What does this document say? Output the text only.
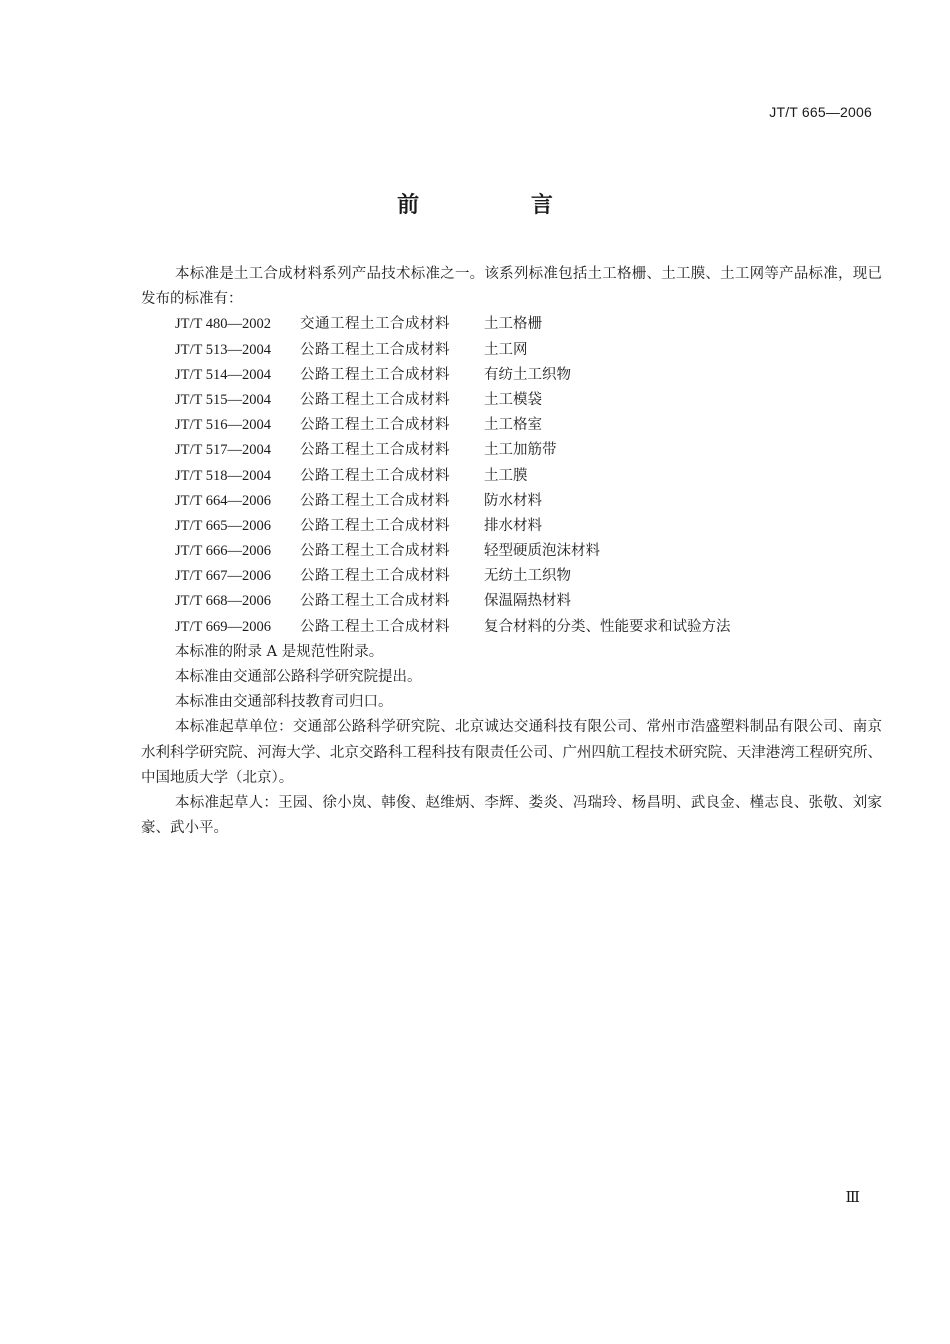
JT/T 665—2006
前 言

本标准是土工合成材料系列产品技术标准之一。该系列标准包括土工格栅、土工膜、土工网等产品标准，现已发布的标准有：

JT/T 480—2002	交通工程土工合成材料	土工格栅
JT/T 513—2004	公路工程土工合成材料	土工网
JT/T 514—2004	公路工程土工合成材料	有纺土工织物
JT/T 515—2004	公路工程土工合成材料	土工模袋
JT/T 516—2004	公路工程土工合成材料	土工格室
JT/T 517—2004	公路工程土工合成材料	土工加筋带
JT/T 518—2004	公路工程土工合成材料	土工膜
JT/T 664—2006	公路工程土工合成材料	防水材料
JT/T 665—2006	公路工程土工合成材料	排水材料
JT/T 666—2006	公路工程土工合成材料	轻型硬质泡沫材料
JT/T 667—2006	公路工程土工合成材料	无纺土工织物
JT/T 668—2006	公路工程土工合成材料	保温隔热材料
JT/T 669—2006	公路工程土工合成材料	复合材料的分类、性能要求和试验方法

本标准的附录 A 是规范性附录。

本标准由交通部公路科学研究院提出。

本标准由交通部科技教育司归口。

本标准起草单位：交通部公路科学研究院、北京诚达交通科技有限公司、常州市浩盛塑料制品有限公司、南京水利科学研究院、河海大学、北京交路科工程科技有限责任公司、广州四航工程技术研究院、天津港湾工程研究所、中国地质大学（北京）。

本标准起草人：王园、徐小岚、韩俊、赵维炳、李辉、娄炎、冯瑞玲、杨昌明、武良金、槿志良、张敬、刘家豪、武小平。

Ⅲ
